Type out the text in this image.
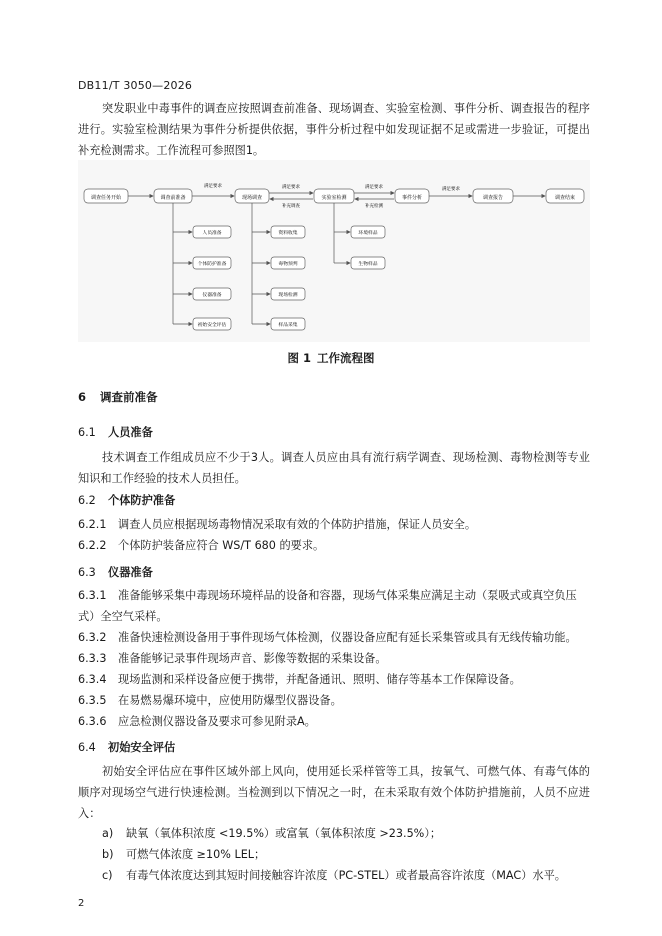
DB11/T 3050—2026

突发职业中毒事件的调查应按照调查前准备、现场调查、实验室检测、事件分析、调查报告的程序进行。实验室检测结果为事件分析提供依据，事件分析过程中如发现证据不足或需进一步验证，可提出补充检测需求。工作流程可参照图1。

调查任务开始	调查前准备	现场调查	实验室检测	事件分析	调查报告	调查结束
满足要求	满足要求
补充调查
满足要求
补充检测
满足要求
人员准备
个体防护准备
仪器准备
初始安全评估
资料收集
毒物预判
现场检测
样品采集
环境样品
生物样品
图 1 工作流程图
6 调查前准备
6.1 人员准备

技术调查工作组成员应不少于3人。调查人员应由具有流行病学调查、现场检测、毒物检测等专业知识和工作经验的技术人员担任。

6.2 个体防护准备
6.2.1 调查人员应根据现场毒物情况采取有效的个体防护措施，保证人员安全。
6.2.2 个体防护装备应符合 WS/T 680 的要求。
6.3 仪器准备
6.3.1 准备能够采集中毒现场环境样品的设备和容器，现场气体采集应满足主动（泵吸式或真空负压式）全空气采样。
6.3.2 准备快速检测设备用于事件现场气体检测，仪器设备应配有延长采集管或具有无线传输功能。
6.3.3 准备能够记录事件现场声音、影像等数据的采集设备。
6.3.4 现场监测和采样设备应便于携带，并配备通讯、照明、储存等基本工作保障设备。
6.3.5 在易燃易爆环境中，应使用防爆型仪器设备。
6.3.6 应急检测仪器设备及要求可参见附录A。
6.4 初始安全评估

初始安全评估应在事件区域外部上风向，使用延长采样管等工具，按氧气、可燃气体、有毒气体的顺序对现场空气进行快速检测。当检测到以下情况之一时，在未采取有效个体防护措施前，人员不应进入：

a) 缺氧（氧体积浓度 <19.5%）或富氧（氧体积浓度 >23.5%）；
b) 可燃气体浓度 ≥10% LEL；
c) 有毒气体浓度达到其短时间接触容许浓度（PC-STEL）或者最高容许浓度（MAC）水平。
2
